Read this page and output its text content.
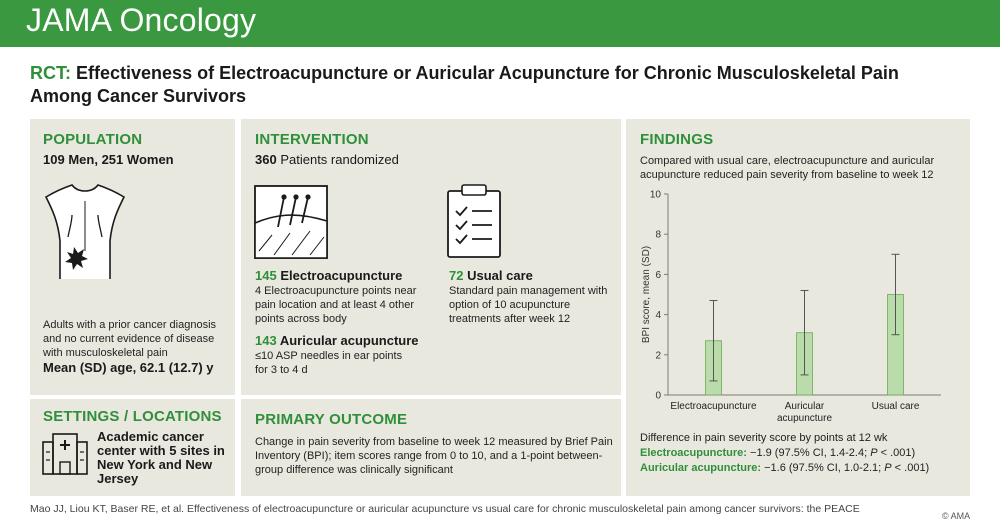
JAMA Oncology
RCT: Effectiveness of Electroacupuncture or Auricular Acupuncture for Chronic Musculoskeletal Pain Among Cancer Survivors
POPULATION
109 Men, 251 Women
Adults with a prior cancer diagnosis and no current evidence of disease with musculoskeletal pain
Mean (SD) age, 62.1 (12.7) y
SETTINGS / LOCATIONS
Academic cancer center with 5 sites in New York and New Jersey
INTERVENTION
360 Patients randomized
145 Electroacupuncture
4 Electroacupuncture points near pain location and at least 4 other points across body
143 Auricular acupuncture
≤10 ASP needles in ear points for 3 to 4 d
72 Usual care
Standard pain management with option of 10 acupuncture treatments after week 12
PRIMARY OUTCOME
Change in pain severity from baseline to week 12 measured by Brief Pain Inventory (BPI); item scores range from 0 to 10, and a 1-point between-group difference was clinically significant
FINDINGS
Compared with usual care, electroacupuncture and auricular acupuncture reduced pain severity from baseline to week 12
Difference in pain severity score by points at 12 wk
Electroacupuncture: −1.9 (97.5% CI, 1.4-2.4; P < .001)
Auricular acupuncture: −1.6 (97.5% CI, 1.0-2.1; P < .001)
0
2
4
6
8
10
BPI score, mean (SD)
Electroacupuncture	Auricular
acupuncture
Usual care
Mao JJ, Liou KT, Baser RE, et al. Effectiveness of electroacupuncture or auricular acupuncture vs usual care for chronic musculoskeletal pain among cancer survivors: the PEACE
© AMA
